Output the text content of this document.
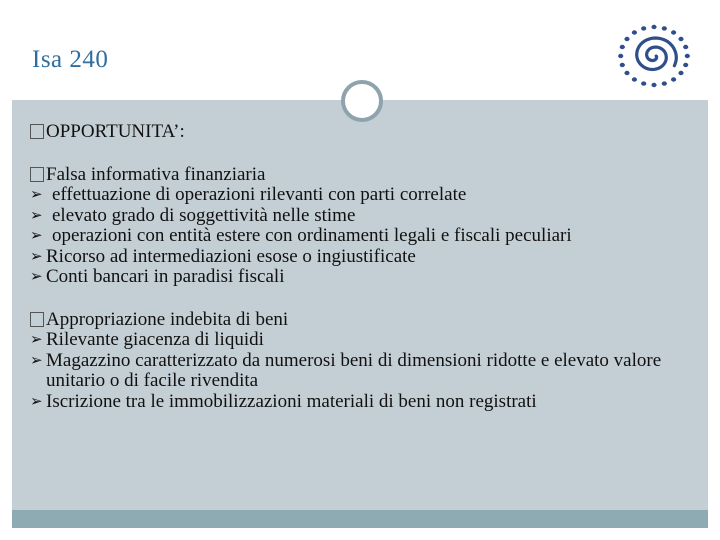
Isa 240
OPPORTUNITA’:
Falsa informativa finanziaria
➢ effettuazione di operazioni rilevanti con parti correlate
➢ elevato grado di soggettività nelle stime
➢ operazioni con entità estere con ordinamenti legali e fiscali peculiari
➢ Ricorso ad intermediazioni esose o ingiustificate
➢ Conti bancari in paradisi fiscali
Appropriazione indebita di beni
➢ Rilevante giacenza di liquidi
➢ Magazzino caratterizzato da numerosi beni di dimensioni ridotte e elevato valore unitario o di facile rivendita
➢ Iscrizione tra le immobilizzazioni materiali di beni non registrati
